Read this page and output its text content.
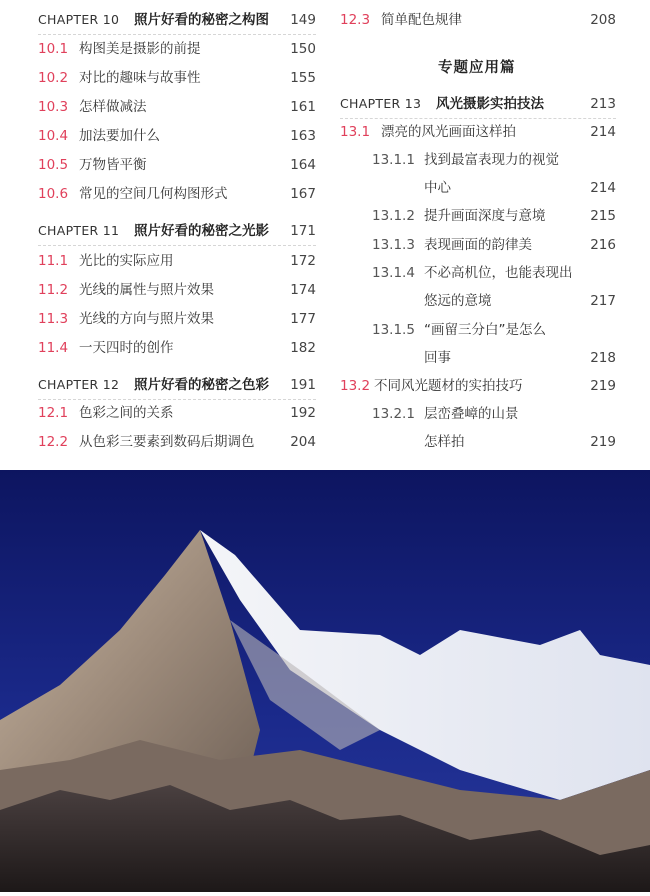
CHAPTER 10 照片好看的秘密之构图	149
10.1 构图美是摄影的前提	150
10.2 对比的趣味与故事性	155
10.3 怎样做减法	161
10.4 加法要加什么	163
10.5 万物皆平衡	164
10.6 常见的空间几何构图形式	167
CHAPTER 11 照片好看的秘密之光影	171
11.1 光比的实际应用	172
11.2 光线的属性与照片效果	174
11.3 光线的方向与照片效果	177
11.4 一天四时的创作	182
CHAPTER 12 照片好看的秘密之色彩	191
12.1 色彩之间的关系	192
12.2 从色彩三要素到数码后期调色	204
12.3 简单配色规律	208
专题应用篇
CHAPTER 13 风光摄影实拍技法	213
13.1 漂亮的风光画面这样拍	214
13.1.1 找到最富表现力的视觉
中心	214
13.1.2 提升画面深度与意境	215
13.1.3 表现画面的韵律美	216
13.1.4 不必高机位，也能表现出
悠远的意境	217
13.1.5 “画留三分白”是怎么
回事	218
13.2 不同风光题材的实拍技巧	219
13.2.1 层峦叠嶂的山景
怎样拍	219
